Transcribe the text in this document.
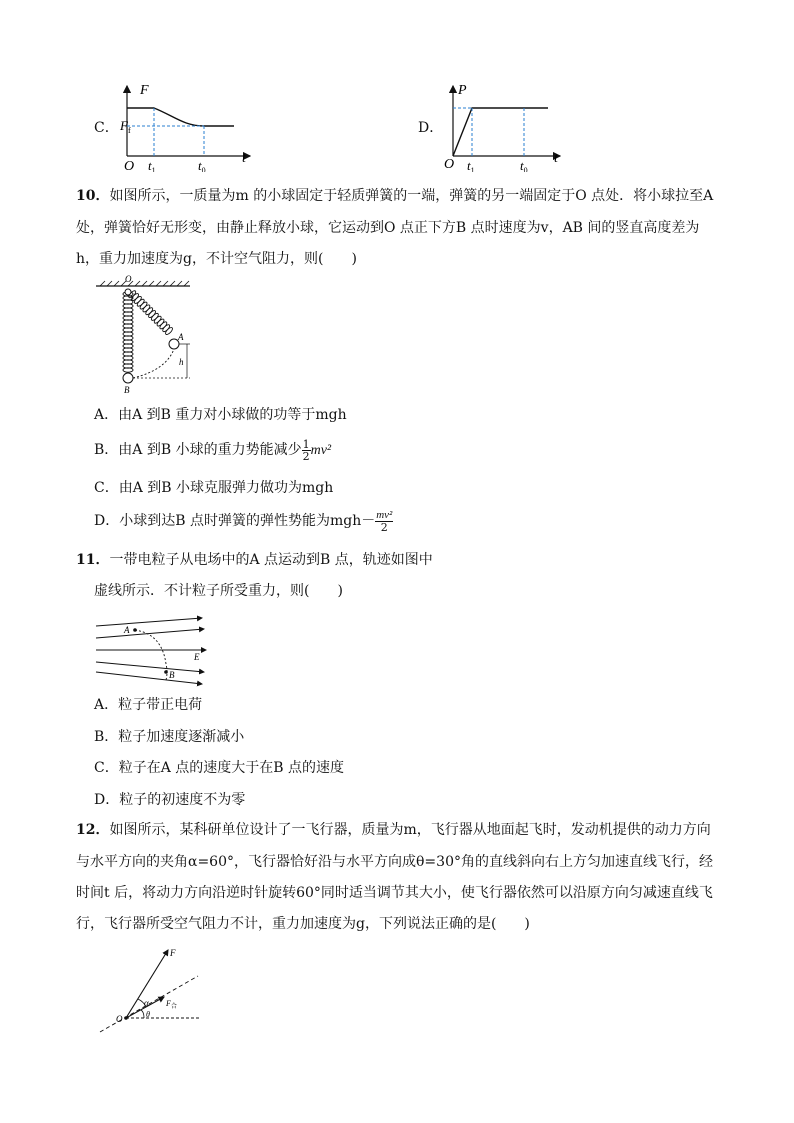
C．
F
$F_f$
O $t_1$	$t_0$
t
D．
P
O $t_1$	$t_0$
t
10．如图所示，一质量为m 的小球固定于轻质弹簧的一端，弹簧的另一端固定于O 点处．将小球拉至A
处，弹簧恰好无形变，由静止释放小球，它运动到O 点正下方B 点时速度为v，AB 间的竖直高度差为
h，重力加速度为g，不计空气阻力，则(　　)
O
A
h
B
A．由A 到B 重力对小球做的功等于mgh
B．由A 到B 小球的重力势能减少 $\frac{1}{2} mv^2$
C．由A 到B 小球克服弹力做功为mgh
D．小球到达B 点时弹簧的弹性势能为$mgh- \frac{\text{mv²}}{2}$
11．一带电粒子从电场中的A 点运动到B 点，轨迹如图中
虚线所示．不计粒子所受重力，则(　　)
A
B
E
A．粒子带正电荷
B．粒子加速度逐渐减小
C．粒子在A 点的速度大于在B 点的速度
D．粒子的初速度不为零
12．如图所示，某科研单位设计了一飞行器，质量为m，飞行器从地面起飞时，发动机提供的动力方向
与水平方向的夹角α=60°，飞行器恰好沿与水平方向成θ=30°角的直线斜向右上方匀加速直线飞行，经
时间t 后，将动力方向沿逆时针旋转60°同时适当调节其大小，使飞行器依然可以沿原方向匀减速直线飞
行，飞行器所受空气阻力不计，重力加速度为g，下列说法正确的是(　　)
F
α $F_合$
O	θ
